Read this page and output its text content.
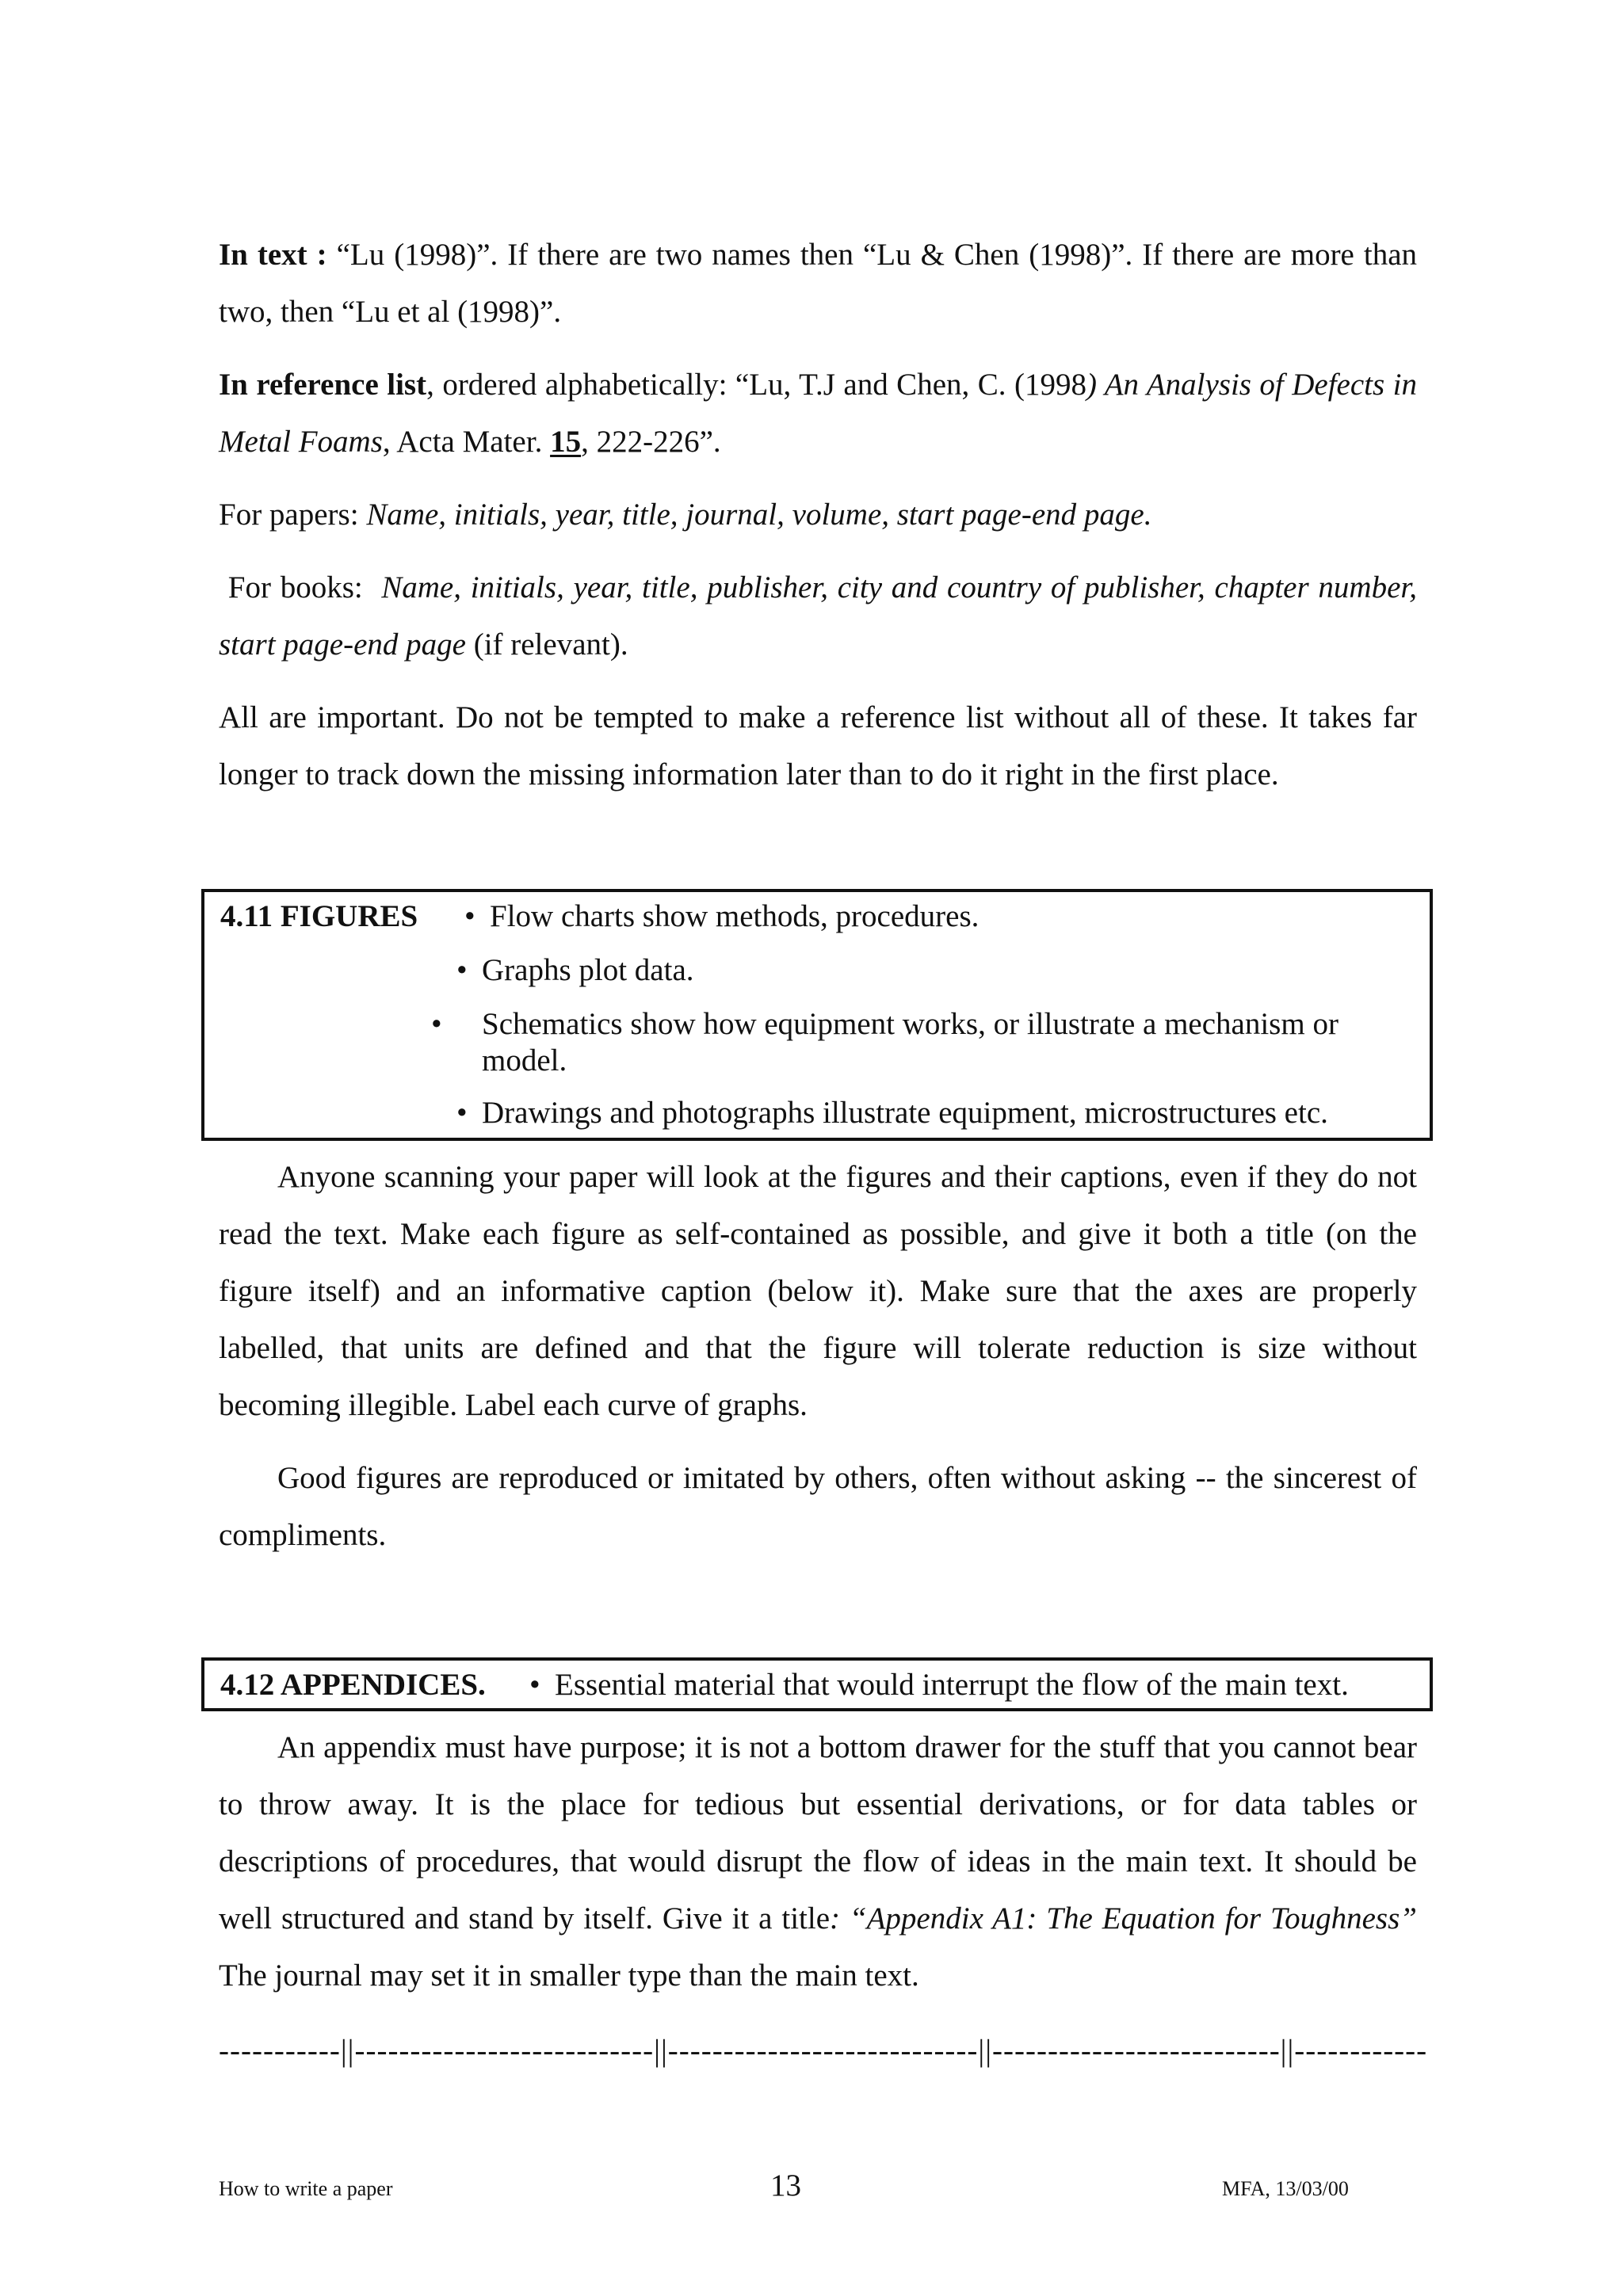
In text : “Lu (1998)”. If there are two names then “Lu & Chen (1998)”. If there are more than two, then “Lu et al (1998)”.

In reference list, ordered alphabetically: “Lu, T.J and Chen, C. (1998) An Analysis of Defects in Metal Foams, Acta Mater. 15, 222-226”.

For papers: Name, initials, year, title, journal, volume, start page-end page.

For books:  Name, initials, year, title, publisher, city and country of publisher, chapter number, start page-end page (if relevant).

All are important. Do not be tempted to make a reference list without all of these. It takes far longer to track down the missing information later than to do it right in the first place.

4.11 FIGURES • Flow charts show methods, procedures.
• Graphs plot data.
• Schematics show how equipment works, or illustrate a mechanism or model.
• Drawings and photographs illustrate equipment, microstructures etc.

Anyone scanning your paper will look at the figures and their captions, even if they do not read the text. Make each figure as self-contained as possible, and give it both a title (on the figure itself) and an informative caption (below it). Make sure that the axes are properly labelled, that units are defined and that the figure will tolerate reduction is size without becoming illegible. Label each curve of graphs.

Good figures are reproduced or imitated by others, often without asking -- the sincerest of compliments.

4.12 APPENDICES. • Essential material that would interrupt the flow of the main text.

An appendix must have purpose; it is not a bottom drawer for the stuff that you cannot bear to throw away. It is the place for tedious but essential derivations, or for data tables or descriptions of procedures, that would disrupt the flow of ideas in the main text. It should be well structured and stand by itself. Give it a title: “Appendix A1: The Equation for Toughness” The journal may set it in smaller type than the main text.

-----------||---------------------------||----------------------------||--------------------------||------------
How to write a paper	13	MFA, 13/03/00
